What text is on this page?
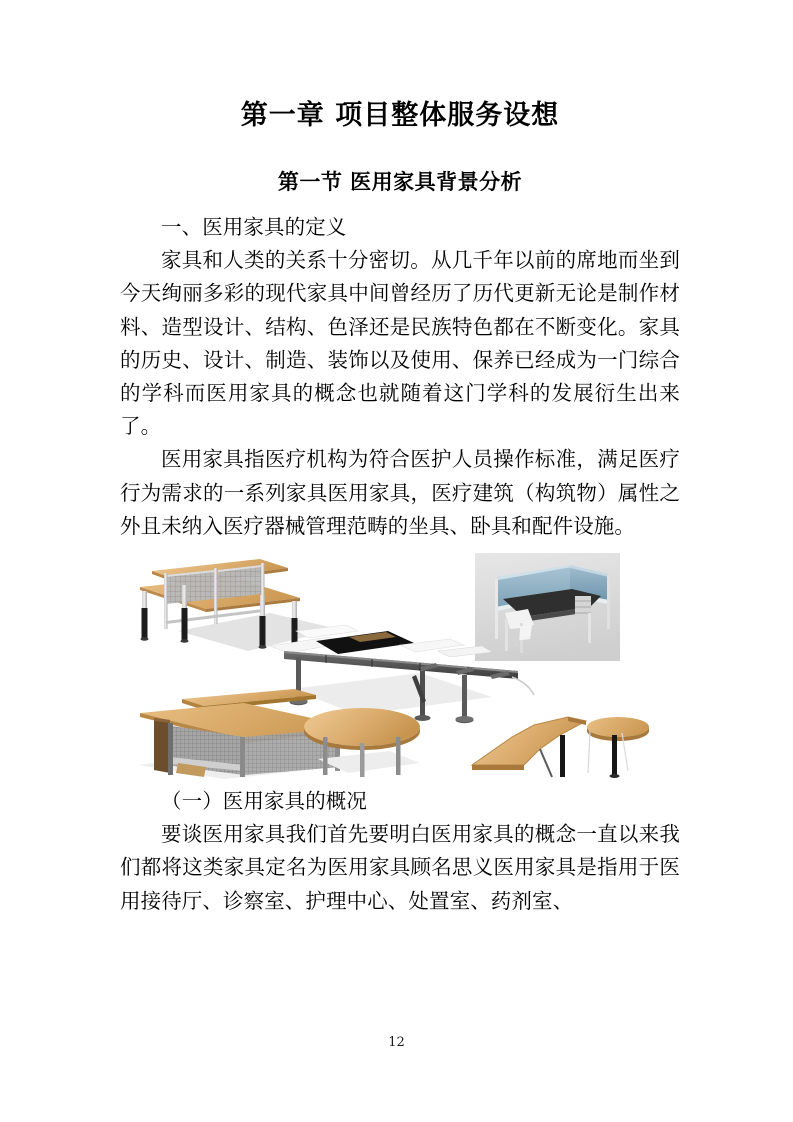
第一章 项目整体服务设想
第一节 医用家具背景分析

一、医用家具的定义

家具和人类的关系十分密切。从几千年以前的席地而坐到今天绚丽多彩的现代家具中间曾经历了历代更新无论是制作材料、造型设计、结构、色泽还是民族特色都在不断变化。家具的历史、设计、制造、装饰以及使用、保养已经成为一门综合的学科而医用家具的概念也就随着这门学科的发展衍生出来了。

医用家具指医疗机构为符合医护人员操作标准，满足医疗行为需求的一系列家具医用家具，医疗建筑（构筑物）属性之外且未纳入医疗器械管理范畴的坐具、卧具和配件设施。

（一）医用家具的概况

要谈医用家具我们首先要明白医用家具的概念一直以来我们都将这类家具定名为医用家具顾名思义医用家具是指用于医用接待厅、诊察室、护理中心、处置室、药剂室、

12
